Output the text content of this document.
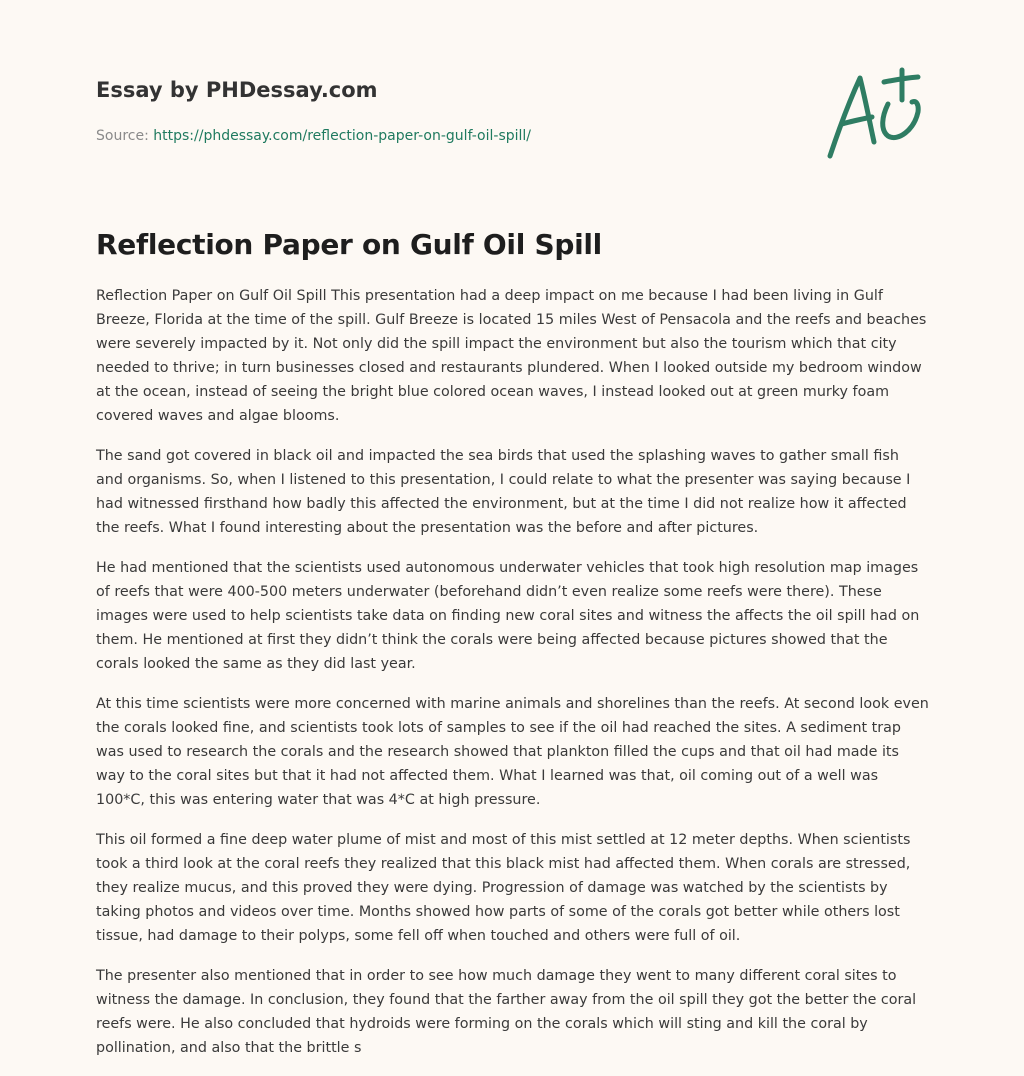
Essay by PHDessay.com
Source: https://phdessay.com/reflection-paper-on-gulf-oil-spill/
Reflection Paper on Gulf Oil Spill

Reflection Paper on Gulf Oil Spill This presentation had a deep impact on me because I had been living in Gulf Breeze, Florida at the time of the spill. Gulf Breeze is located 15 miles West of Pensacola and the reefs and beaches were severely impacted by it. Not only did the spill impact the environment but also the tourism which that city needed to thrive; in turn businesses closed and restaurants plundered. When I looked outside my bedroom window at the ocean, instead of seeing the bright blue colored ocean waves, I instead looked out at green murky foam covered waves and algae blooms.

The sand got covered in black oil and impacted the sea birds that used the splashing waves to gather small fish and organisms. So, when I listened to this presentation, I could relate to what the presenter was saying because I had witnessed firsthand how badly this affected the environment, but at the time I did not realize how it affected the reefs. What I found interesting about the presentation was the before and after pictures.

He had mentioned that the scientists used autonomous underwater vehicles that took high resolution map images of reefs that were 400-500 meters underwater (beforehand didn’t even realize some reefs were there). These images were used to help scientists take data on finding new coral sites and witness the affects the oil spill had on them. He mentioned at first they didn’t think the corals were being affected because pictures showed that the corals looked the same as they did last year.

At this time scientists were more concerned with marine animals and shorelines than the reefs. At second look even the corals looked fine, and scientists took lots of samples to see if the oil had reached the sites. A sediment trap was used to research the corals and the research showed that plankton filled the cups and that oil had made its way to the coral sites but that it had not affected them. What I learned was that, oil coming out of a well was 100*C, this was entering water that was 4*C at high pressure.

This oil formed a fine deep water plume of mist and most of this mist settled at 12 meter depths. When scientists took a third look at the coral reefs they realized that this black mist had affected them. When corals are stressed, they realize mucus, and this proved they were dying. Progression of damage was watched by the scientists by taking photos and videos over time. Months showed how parts of some of the corals got better while others lost tissue, had damage to their polyps, some fell off when touched and others were full of oil.

The presenter also mentioned that in order to see how much damage they went to many different coral sites to witness the damage. In conclusion, they found that the farther away from the oil spill they got the better the coral reefs were. He also concluded that hydroids were forming on the corals which will sting and kill the coral by pollination, and also that the brittle s
